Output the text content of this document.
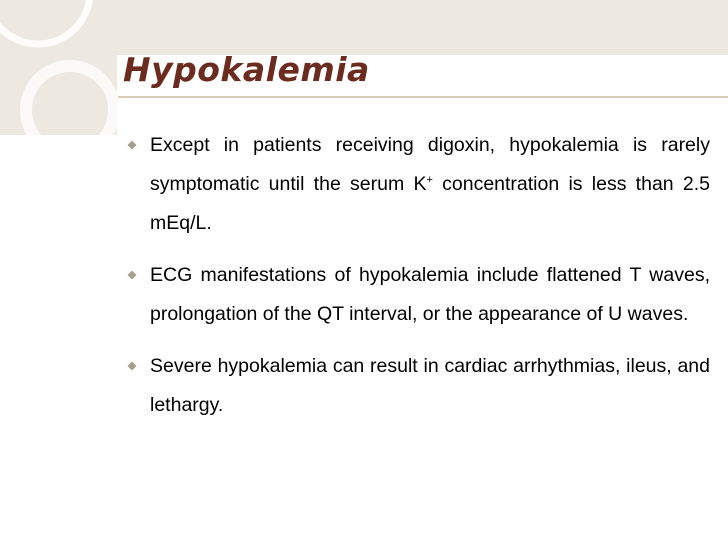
Hypokalemia
Except in patients receiving digoxin, hypokalemia is rarely symptomatic until the serum K+ concentration is less than 2.5 mEq/L.
ECG manifestations of hypokalemia include flattened T waves, prolongation of the QT interval, or the appearance of U waves.
Severe hypokalemia can result in cardiac arrhythmias, ileus, and lethargy.
